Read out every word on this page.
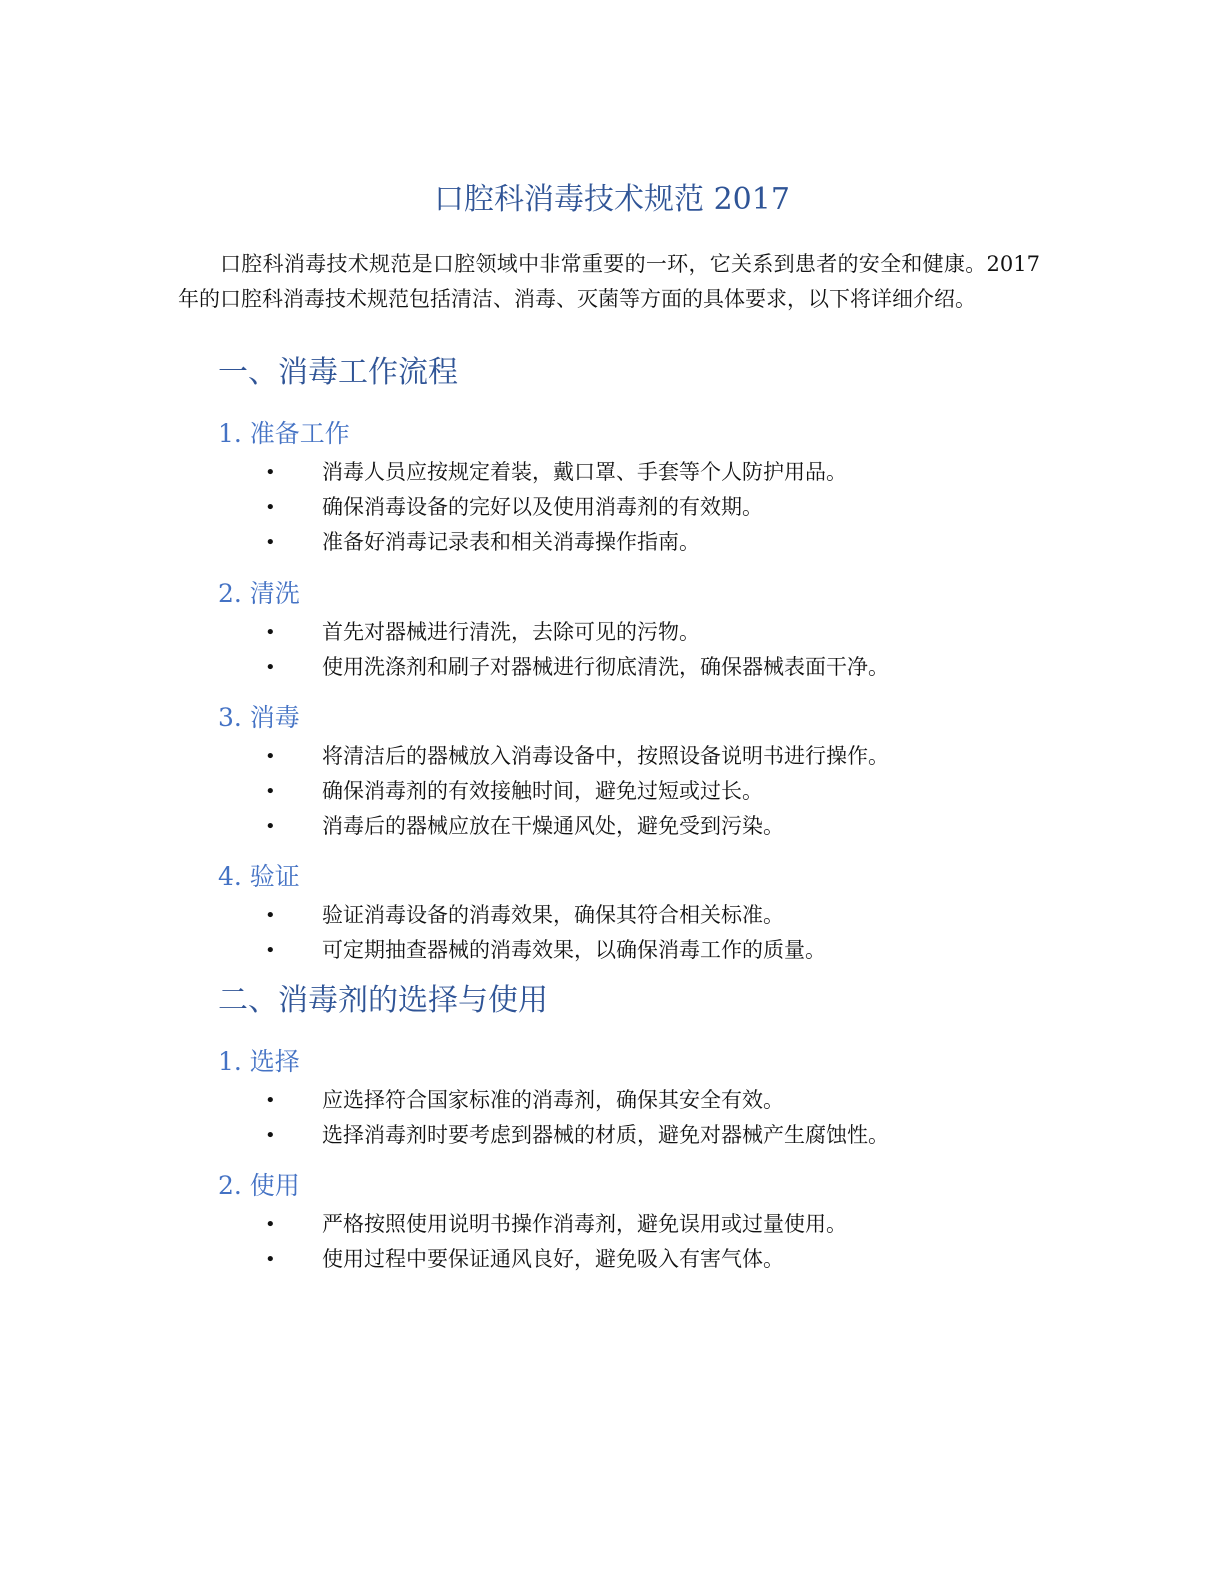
口腔科消毒技术规范 2017

口腔科消毒技术规范是口腔领域中非常重要的一环，它关系到患者的安全和健康。2017 年的口腔科消毒技术规范包括清洁、消毒、灭菌等方面的具体要求，以下将详细介绍。

一、消毒工作流程
1. 准备工作
• 消毒人员应按规定着装，戴口罩、手套等个人防护用品。
• 确保消毒设备的完好以及使用消毒剂的有效期。
• 准备好消毒记录表和相关消毒操作指南。
2. 清洗
• 首先对器械进行清洗，去除可见的污物。
• 使用洗涤剂和刷子对器械进行彻底清洗，确保器械表面干净。
3. 消毒
• 将清洁后的器械放入消毒设备中，按照设备说明书进行操作。
• 确保消毒剂的有效接触时间，避免过短或过长。
• 消毒后的器械应放在干燥通风处，避免受到污染。
4. 验证
• 验证消毒设备的消毒效果，确保其符合相关标准。
• 可定期抽查器械的消毒效果，以确保消毒工作的质量。
二、消毒剂的选择与使用
1. 选择
• 应选择符合国家标准的消毒剂，确保其安全有效。
• 选择消毒剂时要考虑到器械的材质，避免对器械产生腐蚀性。
2. 使用
• 严格按照使用说明书操作消毒剂，避免误用或过量使用。
• 使用过程中要保证通风良好，避免吸入有害气体。
